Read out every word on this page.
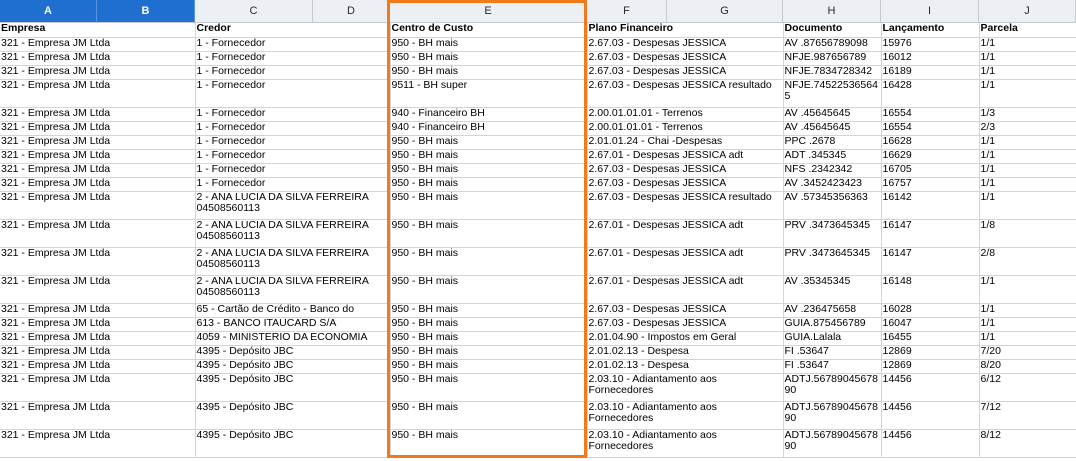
A	B	C	D	E	F	G	H	I	J
Empresa	Credor	Centro de Custo	Plano Financeiro	Documento	Lançamento	Parcela
321 - Empresa JM Ltda	1 - Fornecedor	950 - BH mais	2.67.03 - Despesas JESSICA	AV .87656789098	15976	1/1
321 - Empresa JM Ltda	1 - Fornecedor	950 - BH mais	2.67.03 - Despesas JESSICA	NFJE.987656789	16012	1/1
321 - Empresa JM Ltda	1 - Fornecedor	950 - BH mais	2.67.03 - Despesas JESSICA	NFJE.7834728342	16189	1/1
321 - Empresa JM Ltda	1 - Fornecedor	9511 - BH super	2.67.03 - Despesas JESSICA resultado	NFJE.745225365645	16428	1/1
321 - Empresa JM Ltda	1 - Fornecedor	940 - Financeiro BH	2.00.01.01.01 - Terrenos	AV .45645645	16554	1/3
321 - Empresa JM Ltda	1 - Fornecedor	940 - Financeiro BH	2.00.01.01.01 - Terrenos	AV .45645645	16554	2/3
321 - Empresa JM Ltda	1 - Fornecedor	950 - BH mais	2.01.01.24 - Chai -Despesas	PPC .2678	16628	1/1
321 - Empresa JM Ltda	1 - Fornecedor	950 - BH mais	2.67.01 - Despesas JESSICA adt	ADT .345345	16629	1/1
321 - Empresa JM Ltda	1 - Fornecedor	950 - BH mais	2.67.03 - Despesas JESSICA	NFS .2342342	16705	1/1
321 - Empresa JM Ltda	1 - Fornecedor	950 - BH mais	2.67.03 - Despesas JESSICA	AV .3452423423	16757	1/1
321 - Empresa JM Ltda	2 - ANA LUCIA DA SILVA FERREIRA 04508560113	950 - BH mais	2.67.03 - Despesas JESSICA resultado	AV .57345356363	16142	1/1
321 - Empresa JM Ltda	2 - ANA LUCIA DA SILVA FERREIRA 04508560113	950 - BH mais	2.67.01 - Despesas JESSICA adt	PRV .3473645345	16147	1/8
321 - Empresa JM Ltda	2 - ANA LUCIA DA SILVA FERREIRA 04508560113	950 - BH mais	2.67.01 - Despesas JESSICA adt	PRV .3473645345	16147	2/8
321 - Empresa JM Ltda	2 - ANA LUCIA DA SILVA FERREIRA 04508560113	950 - BH mais	2.67.01 - Despesas JESSICA adt	AV .35345345	16148	1/1
321 - Empresa JM Ltda	65 - Cartão de Crédito - Banco do	950 - BH mais	2.67.03 - Despesas JESSICA	AV .236475658	16028	1/1
321 - Empresa JM Ltda	613 - BANCO ITAUCARD S/A	950 - BH mais	2.67.03 - Despesas JESSICA	GUIA.875456789	16047	1/1
321 - Empresa JM Ltda	4059 - MINISTERIO DA ECONOMIA	950 - BH mais	2.01.04.90 - Impostos em Geral	GUIA.Lalala	16455	1/1
321 - Empresa JM Ltda	4395 - Depósito JBC	950 - BH mais	2.01.02.13 - Despesa	FI .53647	12869	7/20
321 - Empresa JM Ltda	4395 - Depósito JBC	950 - BH mais	2.01.02.13 - Despesa	FI .53647	12869	8/20
321 - Empresa JM Ltda	4395 - Depósito JBC	950 - BH mais	2.03.10 - Adiantamento aos Fornecedores	ADTJ.5678904567890	14456	6/12
321 - Empresa JM Ltda	4395 - Depósito JBC	950 - BH mais	2.03.10 - Adiantamento aos Fornecedores	ADTJ.5678904567890	14456	7/12
321 - Empresa JM Ltda	4395 - Depósito JBC	950 - BH mais	2.03.10 - Adiantamento aos Fornecedores	ADTJ.5678904567890	14456	8/12
